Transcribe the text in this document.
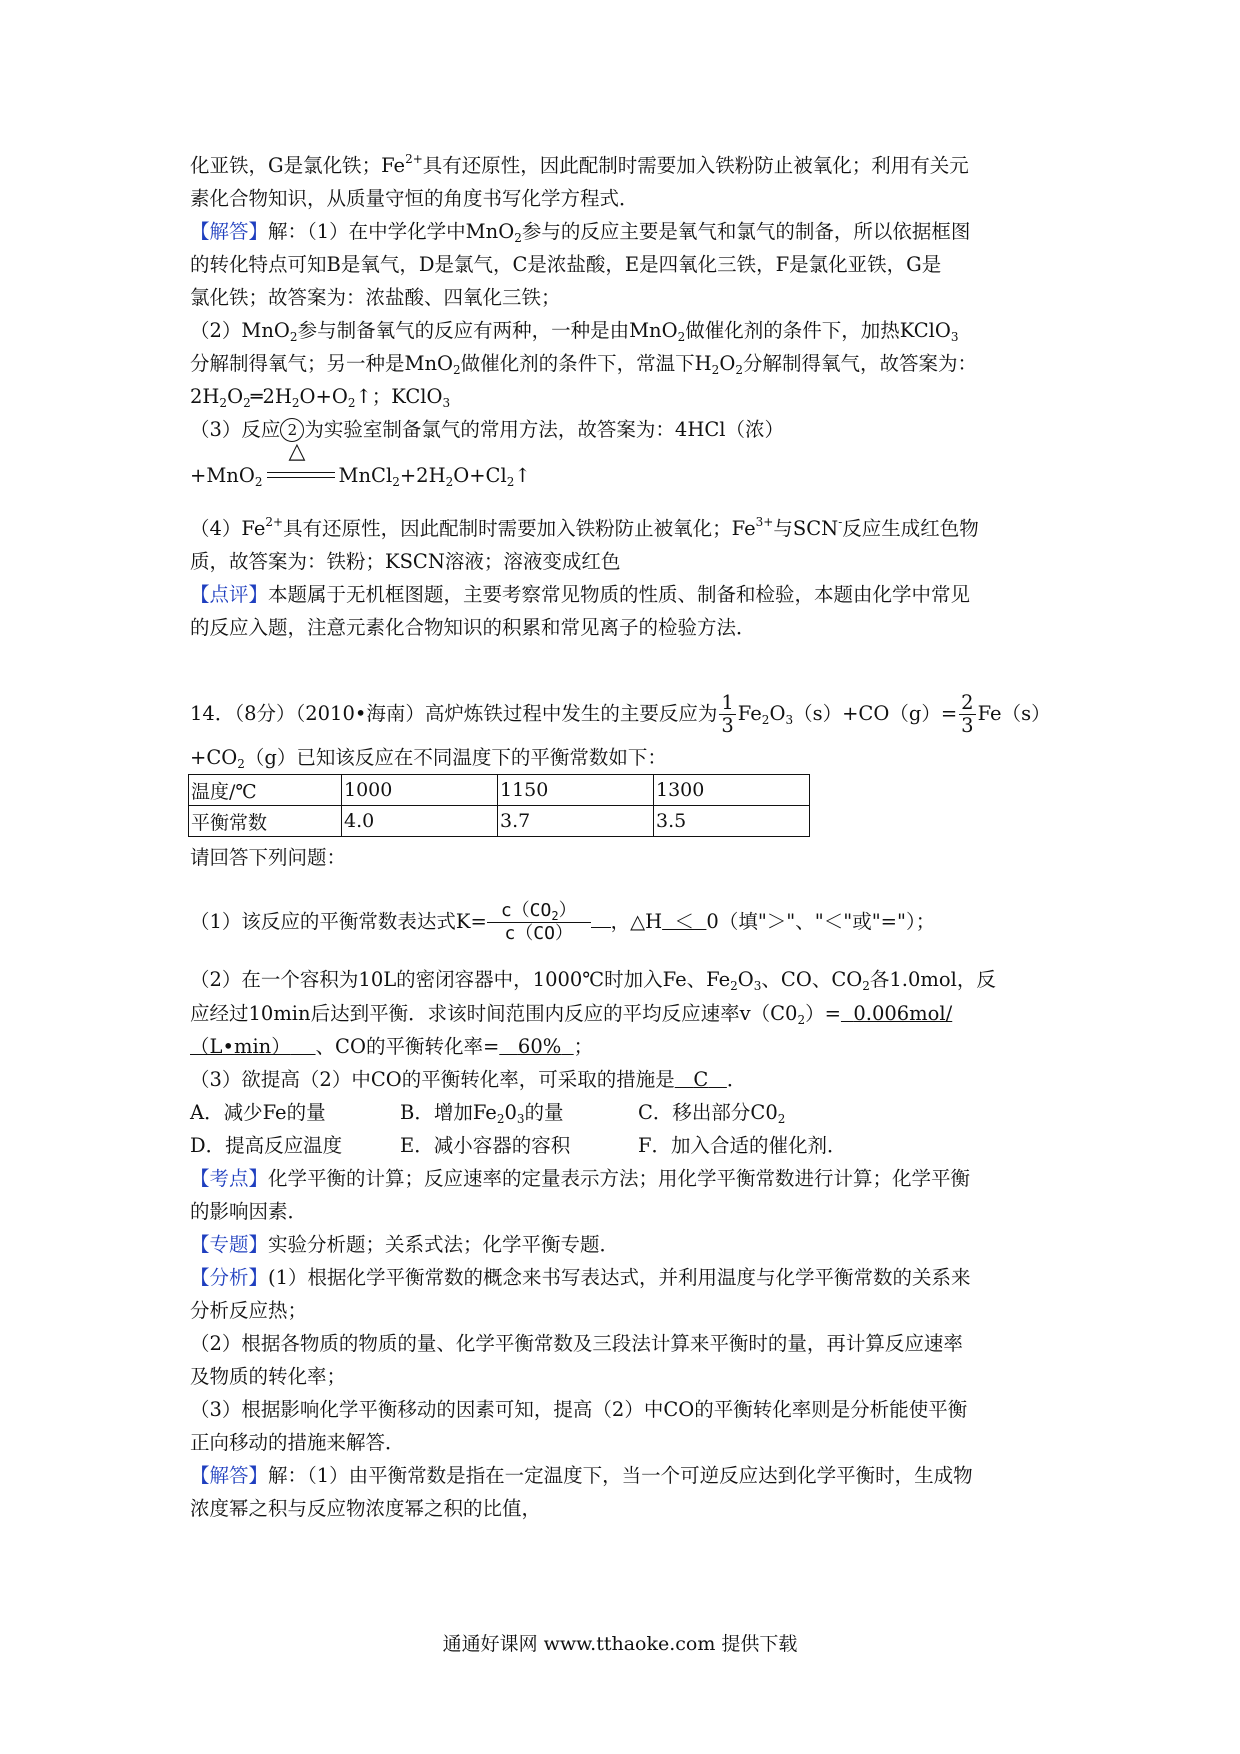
化亚铁，G是氯化铁；$Fe^{2+}$具有还原性，因此配制时需要加入铁粉防止被氧化；利用有关元
素化合物知识，从质量守恒的角度书写化学方程式．
【解答】解：（1）在中学化学中MnO$_2$参与的反应主要是氧气和氯气的制备，所以依据框图
的转化特点可知B是氧气，D是氯气，C是浓盐酸，E是四氧化三铁，F是氯化亚铁，G是
氯化铁；故答案为：浓盐酸、四氧化三铁；
（2）MnO$_2$参与制备氧气的反应有两种，一种是由MnO$_2$做催化剂的条件下，加热KClO$_3$
分解制得氧气；另一种是MnO$_2$做催化剂的条件下，常温下$H_2O_2$分解制得氧气，故答案为：
$2H_2O_2═2H_2O+O_2↑$；KClO$_3$
（3）反应 2 为实验室制备氯气的常用方法，故答案为：4HCl（浓）
+MnO$_2$
△
$MnCl_2+2H_2O+Cl_2↑$
$(4)Fe^{2+}$具有还原性，因此配制时需要加入铁粉防止被氧化；$Fe^{3+}$与SCN-反应生成红色物
质，故答案为：铁粉；KSCN溶液；溶液变成红色
【点评】本题属于无机框图题，主要考察常见物质的性质、制备和检验，本题由化学中常见
的反应入题，注意元素化合物知识的积累和常见离子的检验方法．
14．（8分）（2010•海南）高炉炼铁过程中发生的主要反应为 $\frac{1}{3} Fe_2O_3(s)+CO(g)= \frac{2}{3} Fe(s)$
$+CO_2(g)$已知该反应在不同温度下的平衡常数如下：
温度/℃	1000	1150	1300
平衡常数	4.0	3.7	3.5
请回答下列问题：
（1）该反应的平衡常数表达式$K= \frac{c(CO_2)}{c(CO)}$ ，△H ＜ 0（填"＞"、"＜"或"="）；
（2）在一个容积为10L的密闭容器中，1000℃时加入Fe、$Fe_2O_3$、CO、$CO_2$各1.0mol，反
应经过10min后达到平衡．求该时间范围内反应的平均反应速率$v(C0_2)= 0.006mol/$
（L•min） 、CO的平衡转化率= 60% ；
（3）欲提高（2）中CO的平衡转化率，可采取的措施是 C ．
A．减少Fe的量	B．增加$Fe_20_3$的量	C．移出部分$C0_2$
D．提高反应温度	E．减小容器的容积	F．加入合适的催化剂．
【考点】化学平衡的计算；反应速率的定量表示方法；用化学平衡常数进行计算；化学平衡
的影响因素．
【专题】实验分析题；关系式法；化学平衡专题．
【分析】(1）根据化学平衡常数的概念来书写表达式，并利用温度与化学平衡常数的关系来
分析反应热；
（2）根据各物质的物质的量、化学平衡常数及三段法计算来平衡时的量，再计算反应速率
及物质的转化率；
（3）根据影响化学平衡移动的因素可知，提高（2）中CO的平衡转化率则是分析能使平衡
正向移动的措施来解答．
【解答】解：（1）由平衡常数是指在一定温度下，当一个可逆反应达到化学平衡时，生成物
浓度幂之积与反应物浓度幂之积的比值，
通通好课网 www.tthaoke.com 提供下载
